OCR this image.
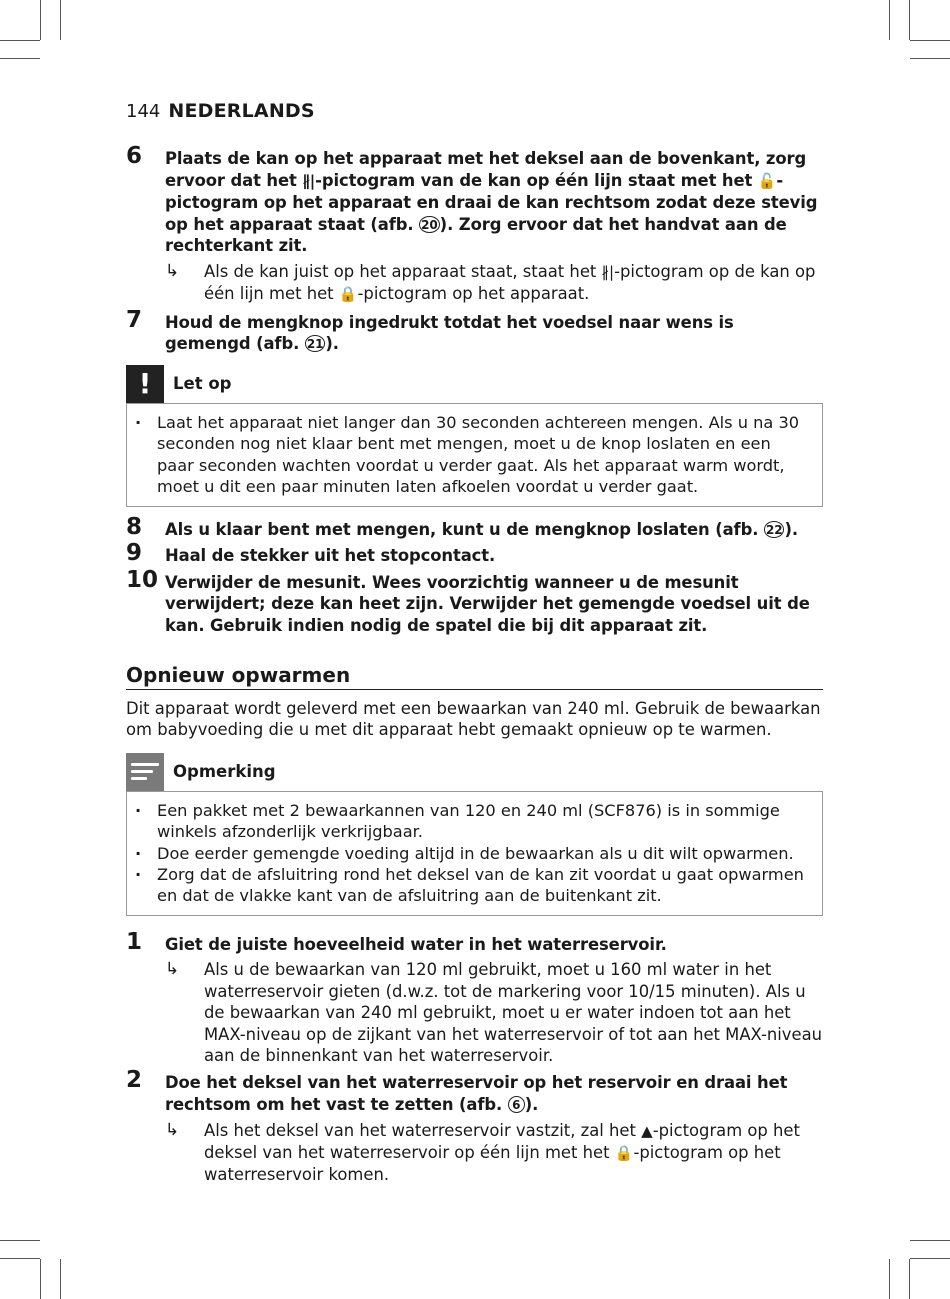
144 NEDERLANDS
6 Plaats de kan op het apparaat met het deksel aan de bovenkant, zorg ervoor dat het ∦|-pictogram van de kan op één lijn staat met het 🔓-pictogram op het apparaat en draai de kan rechtsom zodat deze stevig op het apparaat staat (afb. 20 ). Zorg ervoor dat het handvat aan de rechterkant zit.
↳ Als de kan juist op het apparaat staat, staat het ∦|-pictogram op de kan op één lijn met het 🔒-pictogram op het apparaat.
7 Houd de mengknop ingedrukt totdat het voedsel naar wens is gemengd (afb. 21 ).
!	Let op
· Laat het apparaat niet langer dan 30 seconden achtereen mengen. Als u na 30 seconden nog niet klaar bent met mengen, moet u de knop loslaten en een paar seconden wachten voordat u verder gaat. Als het apparaat warm wordt, moet u dit een paar minuten laten afkoelen voordat u verder gaat.
8 Als u klaar bent met mengen, kunt u de mengknop loslaten (afb. 22 ).
9 Haal de stekker uit het stopcontact.
10 Verwijder de mesunit. Wees voorzichtig wanneer u de mesunit verwijdert; deze kan heet zijn. Verwijder het gemengde voedsel uit de kan. Gebruik indien nodig de spatel die bij dit apparaat zit.
Opnieuw opwarmen
Dit apparaat wordt geleverd met een bewaarkan van 240 ml. Gebruik de bewaarkan om babyvoeding die u met dit apparaat hebt gemaakt opnieuw op te warmen.
Opmerking
· Een pakket met 2 bewaarkannen van 120 en 240 ml (SCF876) is in sommige winkels afzonderlijk verkrijgbaar.
· Doe eerder gemengde voeding altijd in de bewaarkan als u dit wilt opwarmen.
· Zorg dat de afsluitring rond het deksel van de kan zit voordat u gaat opwarmen en dat de vlakke kant van de afsluitring aan de buitenkant zit.
1 Giet de juiste hoeveelheid water in het waterreservoir.
↳ Als u de bewaarkan van 120 ml gebruikt, moet u 160 ml water in het waterreservoir gieten (d.w.z. tot de markering voor 10/15 minuten). Als u de bewaarkan van 240 ml gebruikt, moet u er water indoen tot aan het MAX-niveau op de zijkant van het waterreservoir of tot aan het MAX-niveau aan de binnenkant van het waterreservoir.
2 Doe het deksel van het waterreservoir op het reservoir en draai het rechtsom om het vast te zetten (afb. 6 ).
↳ Als het deksel van het waterreservoir vastzit, zal het ▲-pictogram op het deksel van het waterreservoir op één lijn met het 🔒-pictogram op het waterreservoir komen.
